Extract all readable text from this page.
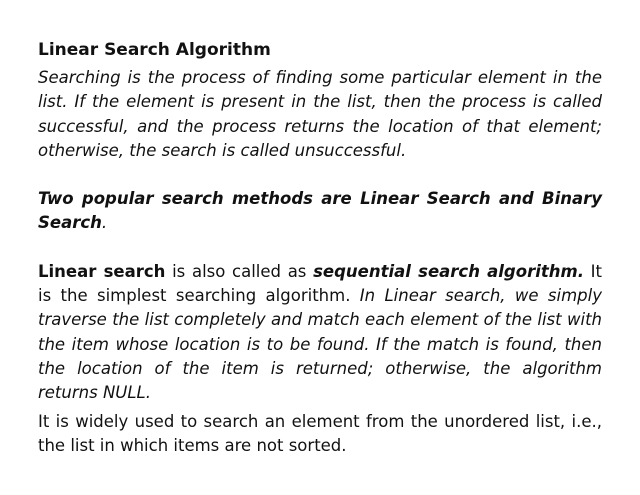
Linear Search Algorithm

Searching is the process of finding some particular element in the list. If the element is present in the list, then the process is called successful, and the process returns the location of that element; otherwise, the search is called unsuccessful.

Two popular search methods are Linear Search and Binary Search.

Linear search is also called as sequential search algorithm. It is the simplest searching algorithm. In Linear search, we simply traverse the list completely and match each element of the list with the item whose location is to be found. If the match is found, then the location of the item is returned; otherwise, the algorithm returns NULL.

It is widely used to search an element from the unordered list, i.e., the list in which items are not sorted.
